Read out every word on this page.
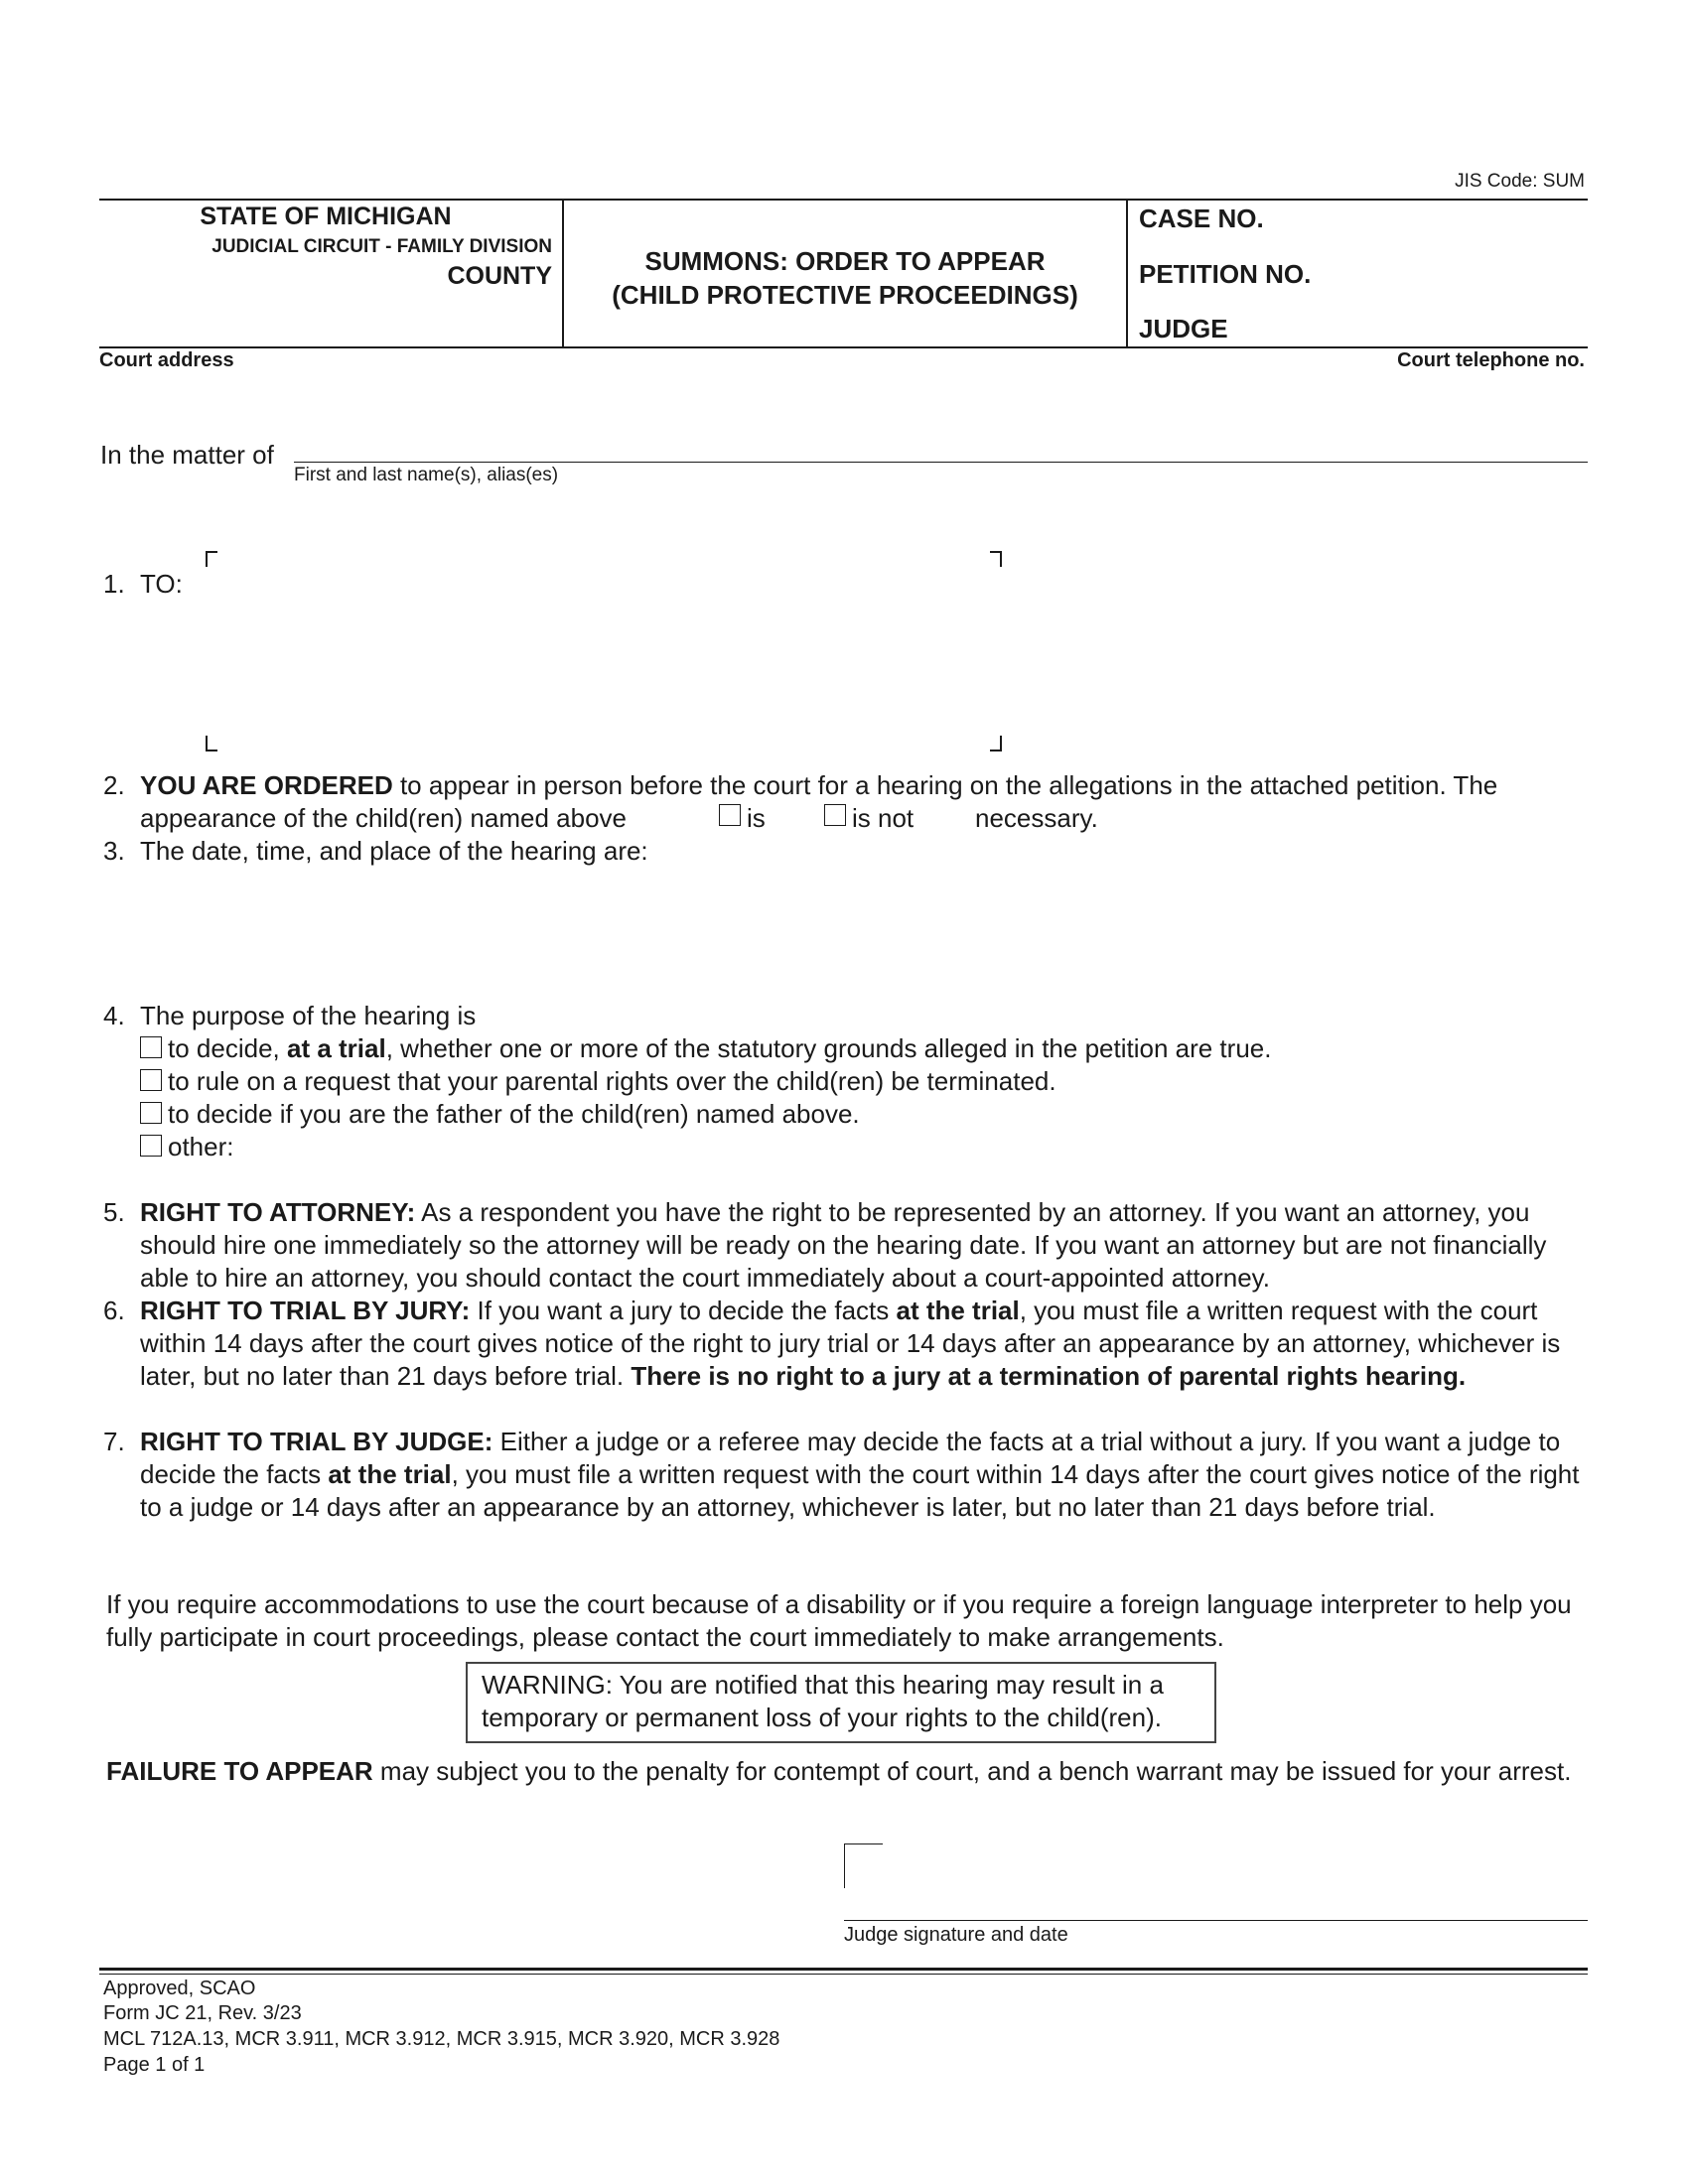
JIS Code: SUM
STATE OF MICHIGAN
JUDICIAL CIRCUIT - FAMILY DIVISION
COUNTY	SUMMONS: ORDER TO APPEAR
(CHILD PROTECTIVE PROCEEDINGS)
CASE NO.
PETITION NO.
JUDGE
Court address	Court telephone no.
In the matter of
First and last name(s), alias(es)
1. TO:
2. YOU ARE ORDERED to appear in person before the court for a hearing on the allegations in the attached petition. The
appearance of the child(ren) named above	is	is not necessary.
3. The date, time, and place of the hearing are:
4. The purpose of the hearing is
to decide, at a trial, whether one or more of the statutory grounds alleged in the petition are true.
to rule on a request that your parental rights over the child(ren) be terminated.
to decide if you are the father of the child(ren) named above.
other:
5. RIGHT TO ATTORNEY: As a respondent you have the right to be represented by an attorney. If you want an attorney, you should hire one immediately so the attorney will be ready on the hearing date. If you want an attorney but are not financially able to hire an attorney, you should contact the court immediately about a court-appointed attorney.
6. RIGHT TO TRIAL BY JURY: If you want a jury to decide the facts at the trial, you must file a written request with the court within 14 days after the court gives notice of the right to jury trial or 14 days after an appearance by an attorney, whichever is later, but no later than 21 days before trial. There is no right to a jury at a termination of parental rights hearing.
7. RIGHT TO TRIAL BY JUDGE: Either a judge or a referee may decide the facts at a trial without a jury. If you want a judge to decide the facts at the trial, you must file a written request with the court within 14 days after the court gives notice of the right to a judge or 14 days after an appearance by an attorney, whichever is later, but no later than 21 days before trial.
If you require accommodations to use the court because of a disability or if you require a foreign language interpreter to help you fully participate in court proceedings, please contact the court immediately to make arrangements.
WARNING: You are notified that this hearing may result in a
temporary or permanent loss of your rights to the child(ren).
FAILURE TO APPEAR may subject you to the penalty for contempt of court, and a bench warrant may be issued for your arrest.
Judge signature and date
Approved, SCAO
Form JC 21, Rev. 3/23
MCL 712A.13, MCR 3.911, MCR 3.912, MCR 3.915, MCR 3.920, MCR 3.928
Page 1 of 1
